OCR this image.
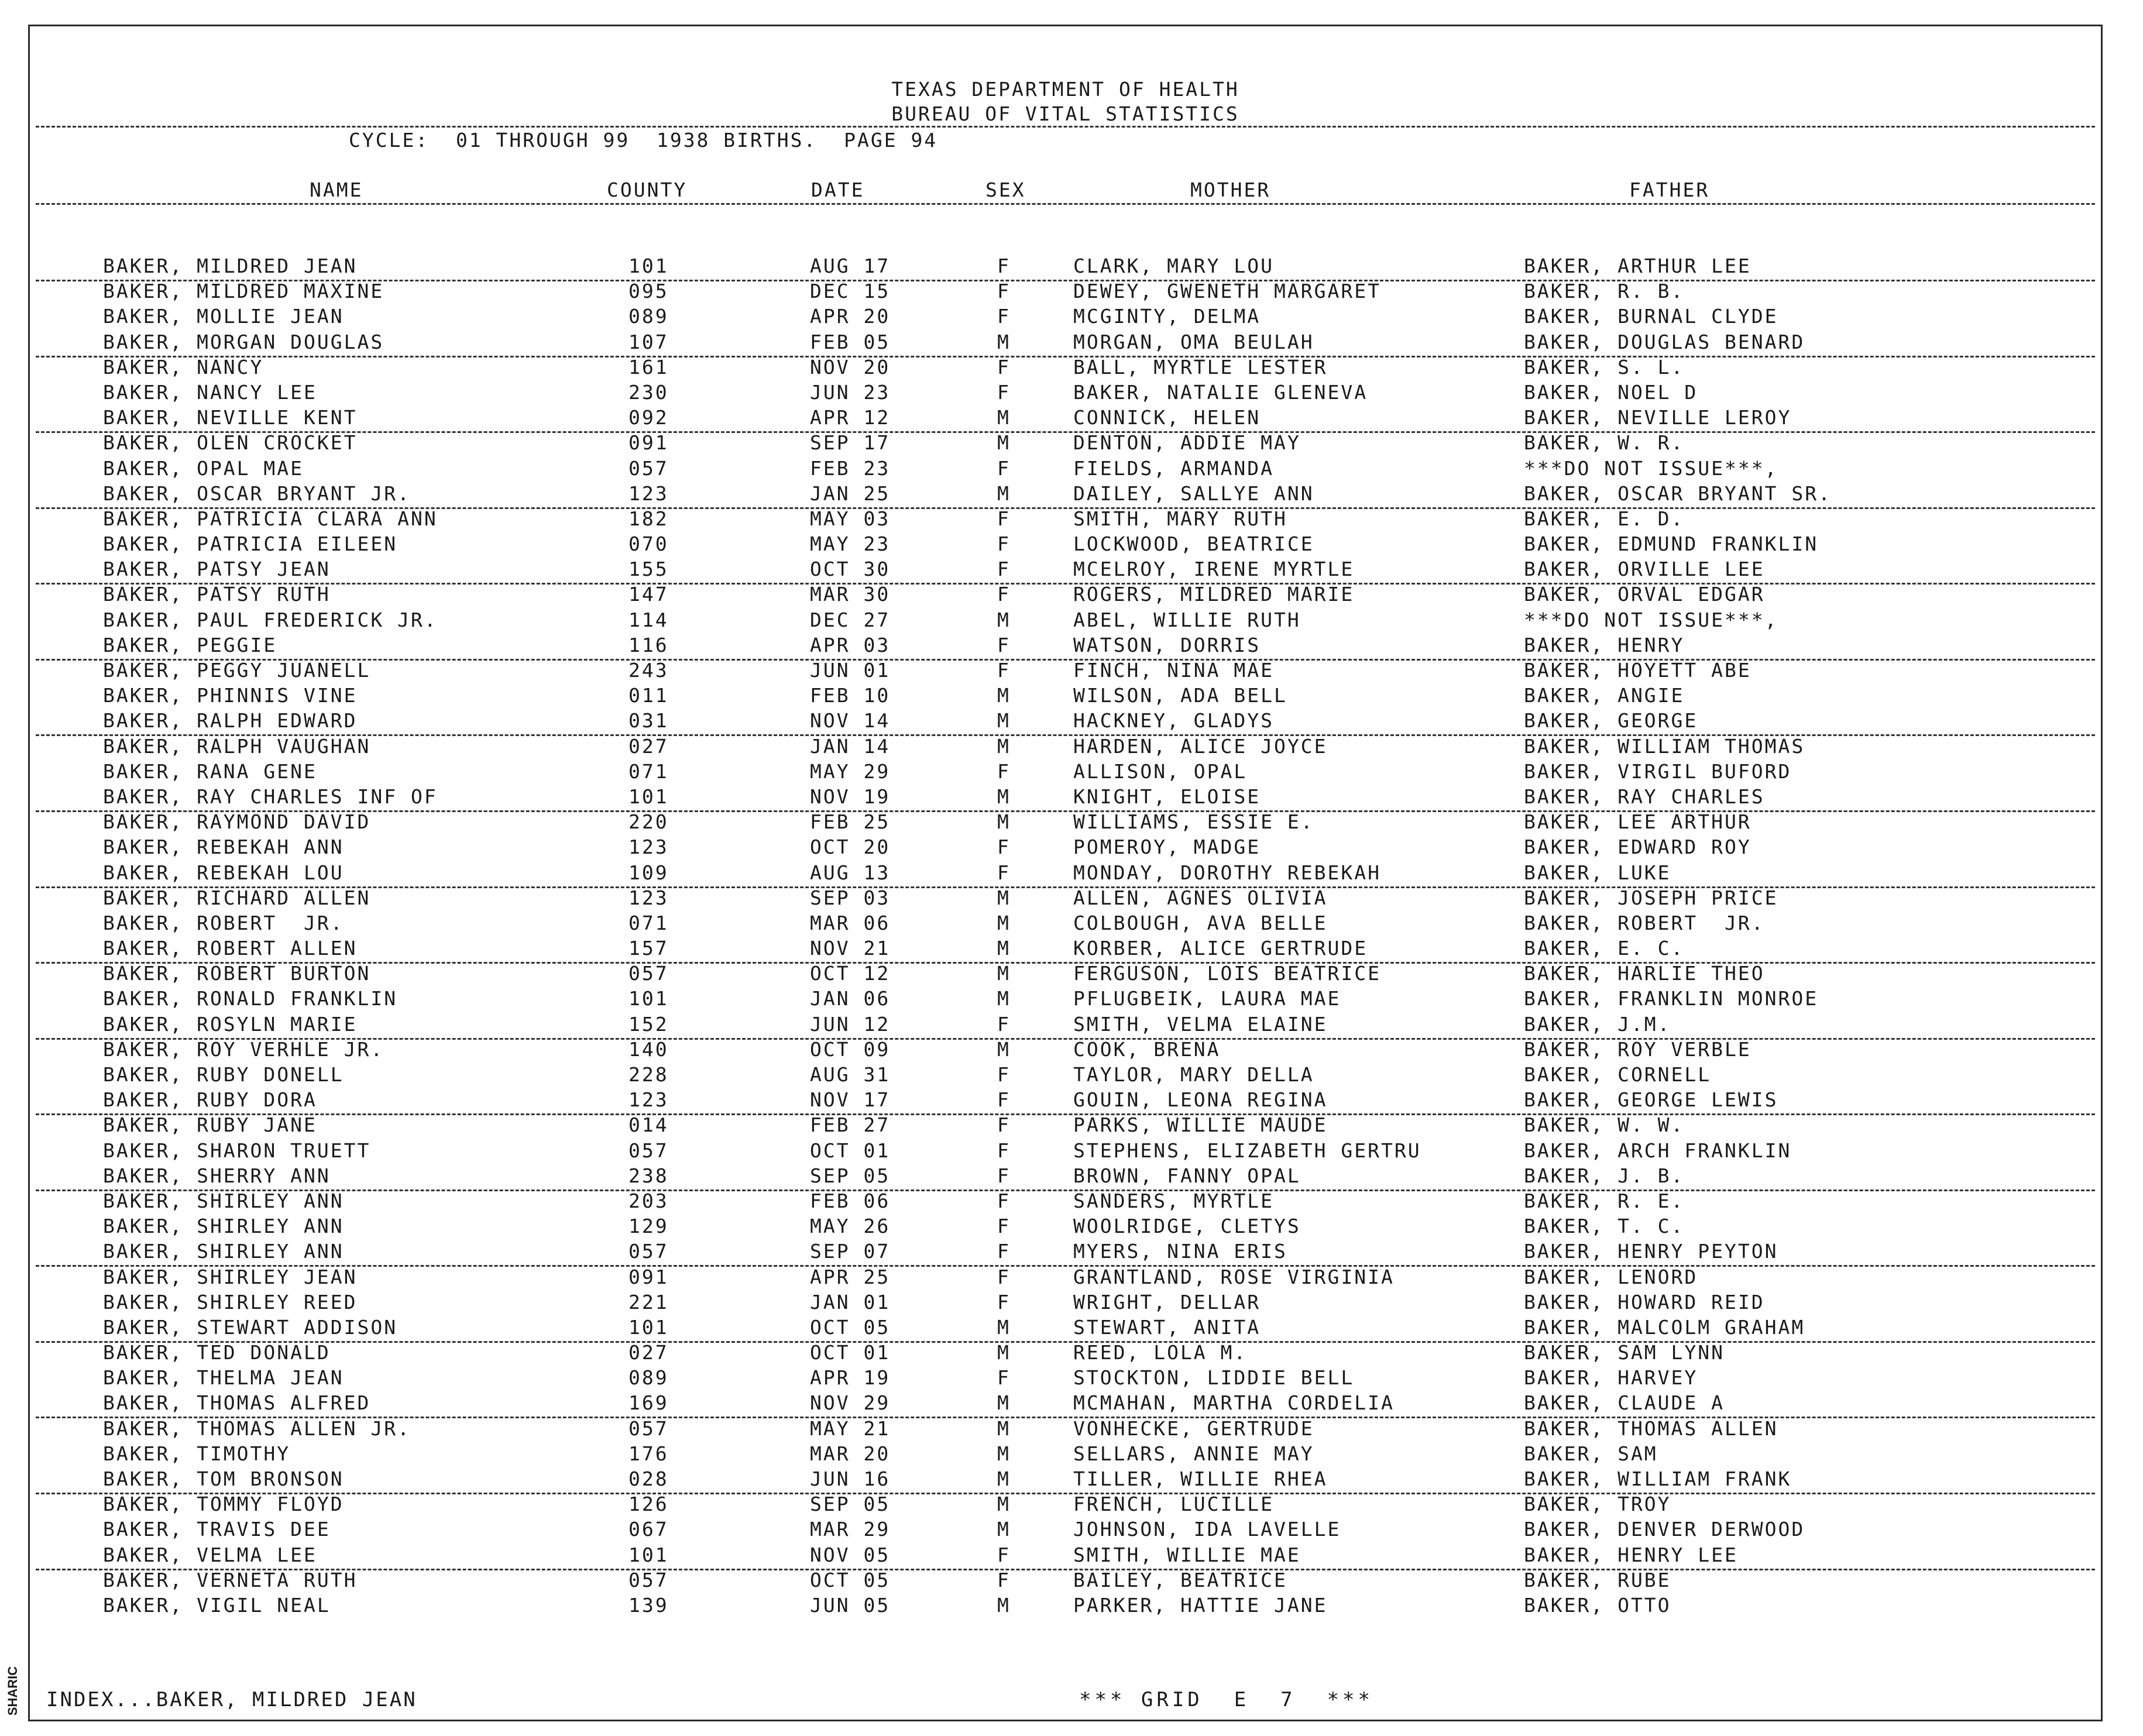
SHARIC
TEXAS DEPARTMENT OF HEALTH
BUREAU OF VITAL STATISTICS
CYCLE:  01 THROUGH 99  1938 BIRTHS.  PAGE 94
NAME	COUNTY	DATE	SEX	MOTHER	FATHER
BAKER, MILDRED JEAN	101	AUG 17	F	CLARK, MARY LOU	BAKER, ARTHUR LEE
BAKER, MILDRED MAXINE	095	DEC 15	F	DEWEY, GWENETH MARGARET	BAKER, R. B.
BAKER, MOLLIE JEAN	089	APR 20	F	MCGINTY, DELMA	BAKER, BURNAL CLYDE
BAKER, MORGAN DOUGLAS	107	FEB 05	M	MORGAN, OMA BEULAH	BAKER, DOUGLAS BENARD
BAKER, NANCY	161	NOV 20	F	BALL, MYRTLE LESTER	BAKER, S. L.
BAKER, NANCY LEE	230	JUN 23	F	BAKER, NATALIE GLENEVA	BAKER, NOEL D
BAKER, NEVILLE KENT	092	APR 12	M	CONNICK, HELEN	BAKER, NEVILLE LEROY
BAKER, OLEN CROCKET	091	SEP 17	M	DENTON, ADDIE MAY	BAKER, W. R.
BAKER, OPAL MAE	057	FEB 23	F	FIELDS, ARMANDA	***DO NOT ISSUE***,
BAKER, OSCAR BRYANT JR.	123	JAN 25	M	DAILEY, SALLYE ANN	BAKER, OSCAR BRYANT SR.
BAKER, PATRICIA CLARA ANN	182	MAY 03	F	SMITH, MARY RUTH	BAKER, E. D.
BAKER, PATRICIA EILEEN	070	MAY 23	F	LOCKWOOD, BEATRICE	BAKER, EDMUND FRANKLIN
BAKER, PATSY JEAN	155	OCT 30	F	MCELROY, IRENE MYRTLE	BAKER, ORVILLE LEE
BAKER, PATSY RUTH	147	MAR 30	F	ROGERS, MILDRED MARIE	BAKER, ORVAL EDGAR
BAKER, PAUL FREDERICK JR.	114	DEC 27	M	ABEL, WILLIE RUTH	***DO NOT ISSUE***,
BAKER, PEGGIE	116	APR 03	F	WATSON, DORRIS	BAKER, HENRY
BAKER, PEGGY JUANELL	243	JUN 01	F	FINCH, NINA MAE	BAKER, HOYETT ABE
BAKER, PHINNIS VINE	011	FEB 10	M	WILSON, ADA BELL	BAKER, ANGIE
BAKER, RALPH EDWARD	031	NOV 14	M	HACKNEY, GLADYS	BAKER, GEORGE
BAKER, RALPH VAUGHAN	027	JAN 14	M	HARDEN, ALICE JOYCE	BAKER, WILLIAM THOMAS
BAKER, RANA GENE	071	MAY 29	F	ALLISON, OPAL	BAKER, VIRGIL BUFORD
BAKER, RAY CHARLES INF OF	101	NOV 19	M	KNIGHT, ELOISE	BAKER, RAY CHARLES
BAKER, RAYMOND DAVID	220	FEB 25	M	WILLIAMS, ESSIE E.	BAKER, LEE ARTHUR
BAKER, REBEKAH ANN	123	OCT 20	F	POMEROY, MADGE	BAKER, EDWARD ROY
BAKER, REBEKAH LOU	109	AUG 13	F	MONDAY, DOROTHY REBEKAH	BAKER, LUKE
BAKER, RICHARD ALLEN	123	SEP 03	M	ALLEN, AGNES OLIVIA	BAKER, JOSEPH PRICE
BAKER, ROBERT  JR.	071	MAR 06	M	COLBOUGH, AVA BELLE	BAKER, ROBERT  JR.
BAKER, ROBERT ALLEN	157	NOV 21	M	KORBER, ALICE GERTRUDE	BAKER, E. C.
BAKER, ROBERT BURTON	057	OCT 12	M	FERGUSON, LOIS BEATRICE	BAKER, HARLIE THEO
BAKER, RONALD FRANKLIN	101	JAN 06	M	PFLUGBEIK, LAURA MAE	BAKER, FRANKLIN MONROE
BAKER, ROSYLN MARIE	152	JUN 12	F	SMITH, VELMA ELAINE	BAKER, J.M.
BAKER, ROY VERHLE JR.	140	OCT 09	M	COOK, BRENA	BAKER, ROY VERBLE
BAKER, RUBY DONELL	228	AUG 31	F	TAYLOR, MARY DELLA	BAKER, CORNELL
BAKER, RUBY DORA	123	NOV 17	F	GOUIN, LEONA REGINA	BAKER, GEORGE LEWIS
BAKER, RUBY JANE	014	FEB 27	F	PARKS, WILLIE MAUDE	BAKER, W. W.
BAKER, SHARON TRUETT	057	OCT 01	F	STEPHENS, ELIZABETH GERTRU	BAKER, ARCH FRANKLIN
BAKER, SHERRY ANN	238	SEP 05	F	BROWN, FANNY OPAL	BAKER, J. B.
BAKER, SHIRLEY ANN	203	FEB 06	F	SANDERS, MYRTLE	BAKER, R. E.
BAKER, SHIRLEY ANN	129	MAY 26	F	WOOLRIDGE, CLETYS	BAKER, T. C.
BAKER, SHIRLEY ANN	057	SEP 07	F	MYERS, NINA ERIS	BAKER, HENRY PEYTON
BAKER, SHIRLEY JEAN	091	APR 25	F	GRANTLAND, ROSE VIRGINIA	BAKER, LENORD
BAKER, SHIRLEY REED	221	JAN 01	F	WRIGHT, DELLAR	BAKER, HOWARD REID
BAKER, STEWART ADDISON	101	OCT 05	M	STEWART, ANITA	BAKER, MALCOLM GRAHAM
BAKER, TED DONALD	027	OCT 01	M	REED, LOLA M.	BAKER, SAM LYNN
BAKER, THELMA JEAN	089	APR 19	F	STOCKTON, LIDDIE BELL	BAKER, HARVEY
BAKER, THOMAS ALFRED	169	NOV 29	M	MCMAHAN, MARTHA CORDELIA	BAKER, CLAUDE A
BAKER, THOMAS ALLEN JR.	057	MAY 21	M	VONHECKE, GERTRUDE	BAKER, THOMAS ALLEN
BAKER, TIMOTHY	176	MAR 20	M	SELLARS, ANNIE MAY	BAKER, SAM
BAKER, TOM BRONSON	028	JUN 16	M	TILLER, WILLIE RHEA	BAKER, WILLIAM FRANK
BAKER, TOMMY FLOYD	126	SEP 05	M	FRENCH, LUCILLE	BAKER, TROY
BAKER, TRAVIS DEE	067	MAR 29	M	JOHNSON, IDA LAVELLE	BAKER, DENVER DERWOOD
BAKER, VELMA LEE	101	NOV 05	F	SMITH, WILLIE MAE	BAKER, HENRY LEE
BAKER, VERNETA RUTH	057	OCT 05	F	BAILEY, BEATRICE	BAKER, RUBE
BAKER, VIGIL NEAL	139	JUN 05	M	PARKER, HATTIE JANE	BAKER, OTTO
INDEX...BAKER, MILDRED JEAN	*** GRID  E  7  ***
